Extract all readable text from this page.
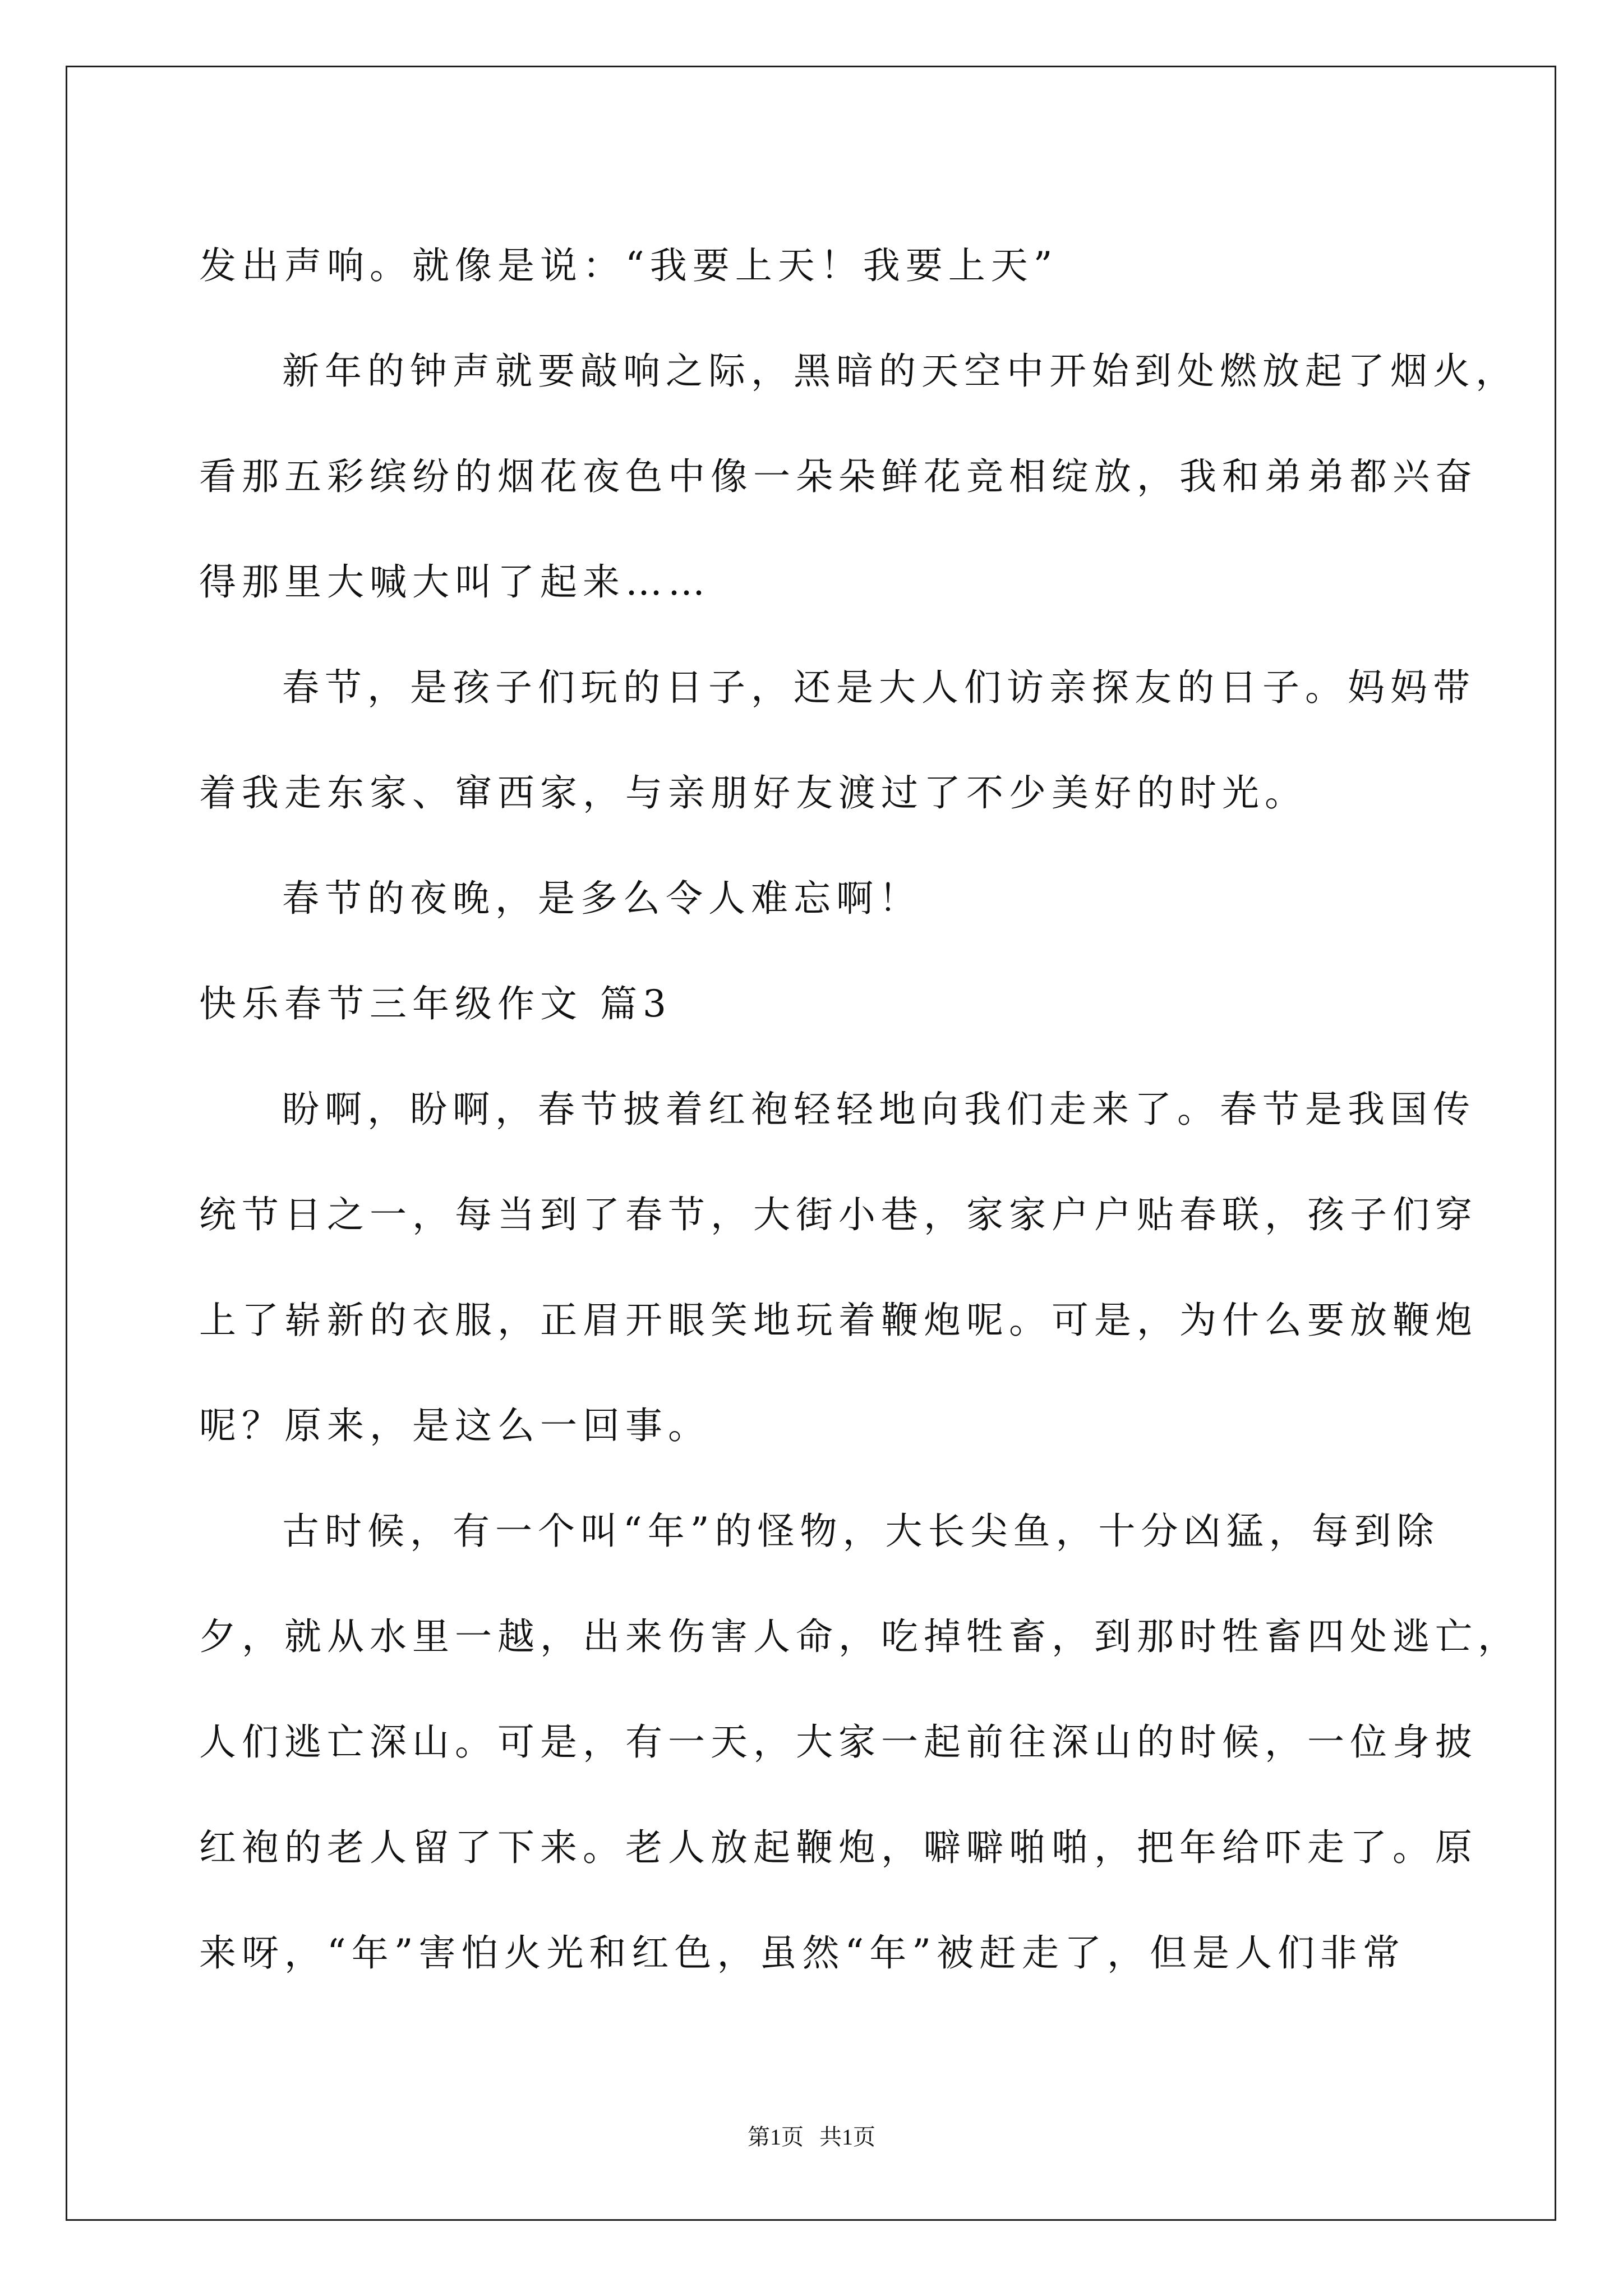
发出声响。就像是说：“我要上天！我要上天”
新年的钟声就要敲响之际，黑暗的天空中开始到处燃放起了烟火，
看那五彩缤纷的烟花夜色中像一朵朵鲜花竞相绽放，我和弟弟都兴奋
得那里大喊大叫了起来……
春节，是孩子们玩的日子，还是大人们访亲探友的日子。妈妈带
着我走东家、窜西家，与亲朋好友渡过了不少美好的时光。
春节的夜晚，是多么令人难忘啊！
快乐春节三年级作文 篇3
盼啊，盼啊，春节披着红袍轻轻地向我们走来了。春节是我国传
统节日之一，每当到了春节，大街小巷，家家户户贴春联，孩子们穿
上了崭新的衣服，正眉开眼笑地玩着鞭炮呢。可是，为什么要放鞭炮
呢？原来，是这么一回事。
古时候，有一个叫“年”的怪物，大长尖鱼，十分凶猛，每到除
夕，就从水里一越，出来伤害人命，吃掉牲畜，到那时牲畜四处逃亡，
人们逃亡深山。可是，有一天，大家一起前往深山的时候，一位身披
红袍的老人留了下来。老人放起鞭炮，噼噼啪啪，把年给吓走了。原
来呀，“年”害怕火光和红色，虽然“年”被赶走了，但是人们非常
第1页 共1页
